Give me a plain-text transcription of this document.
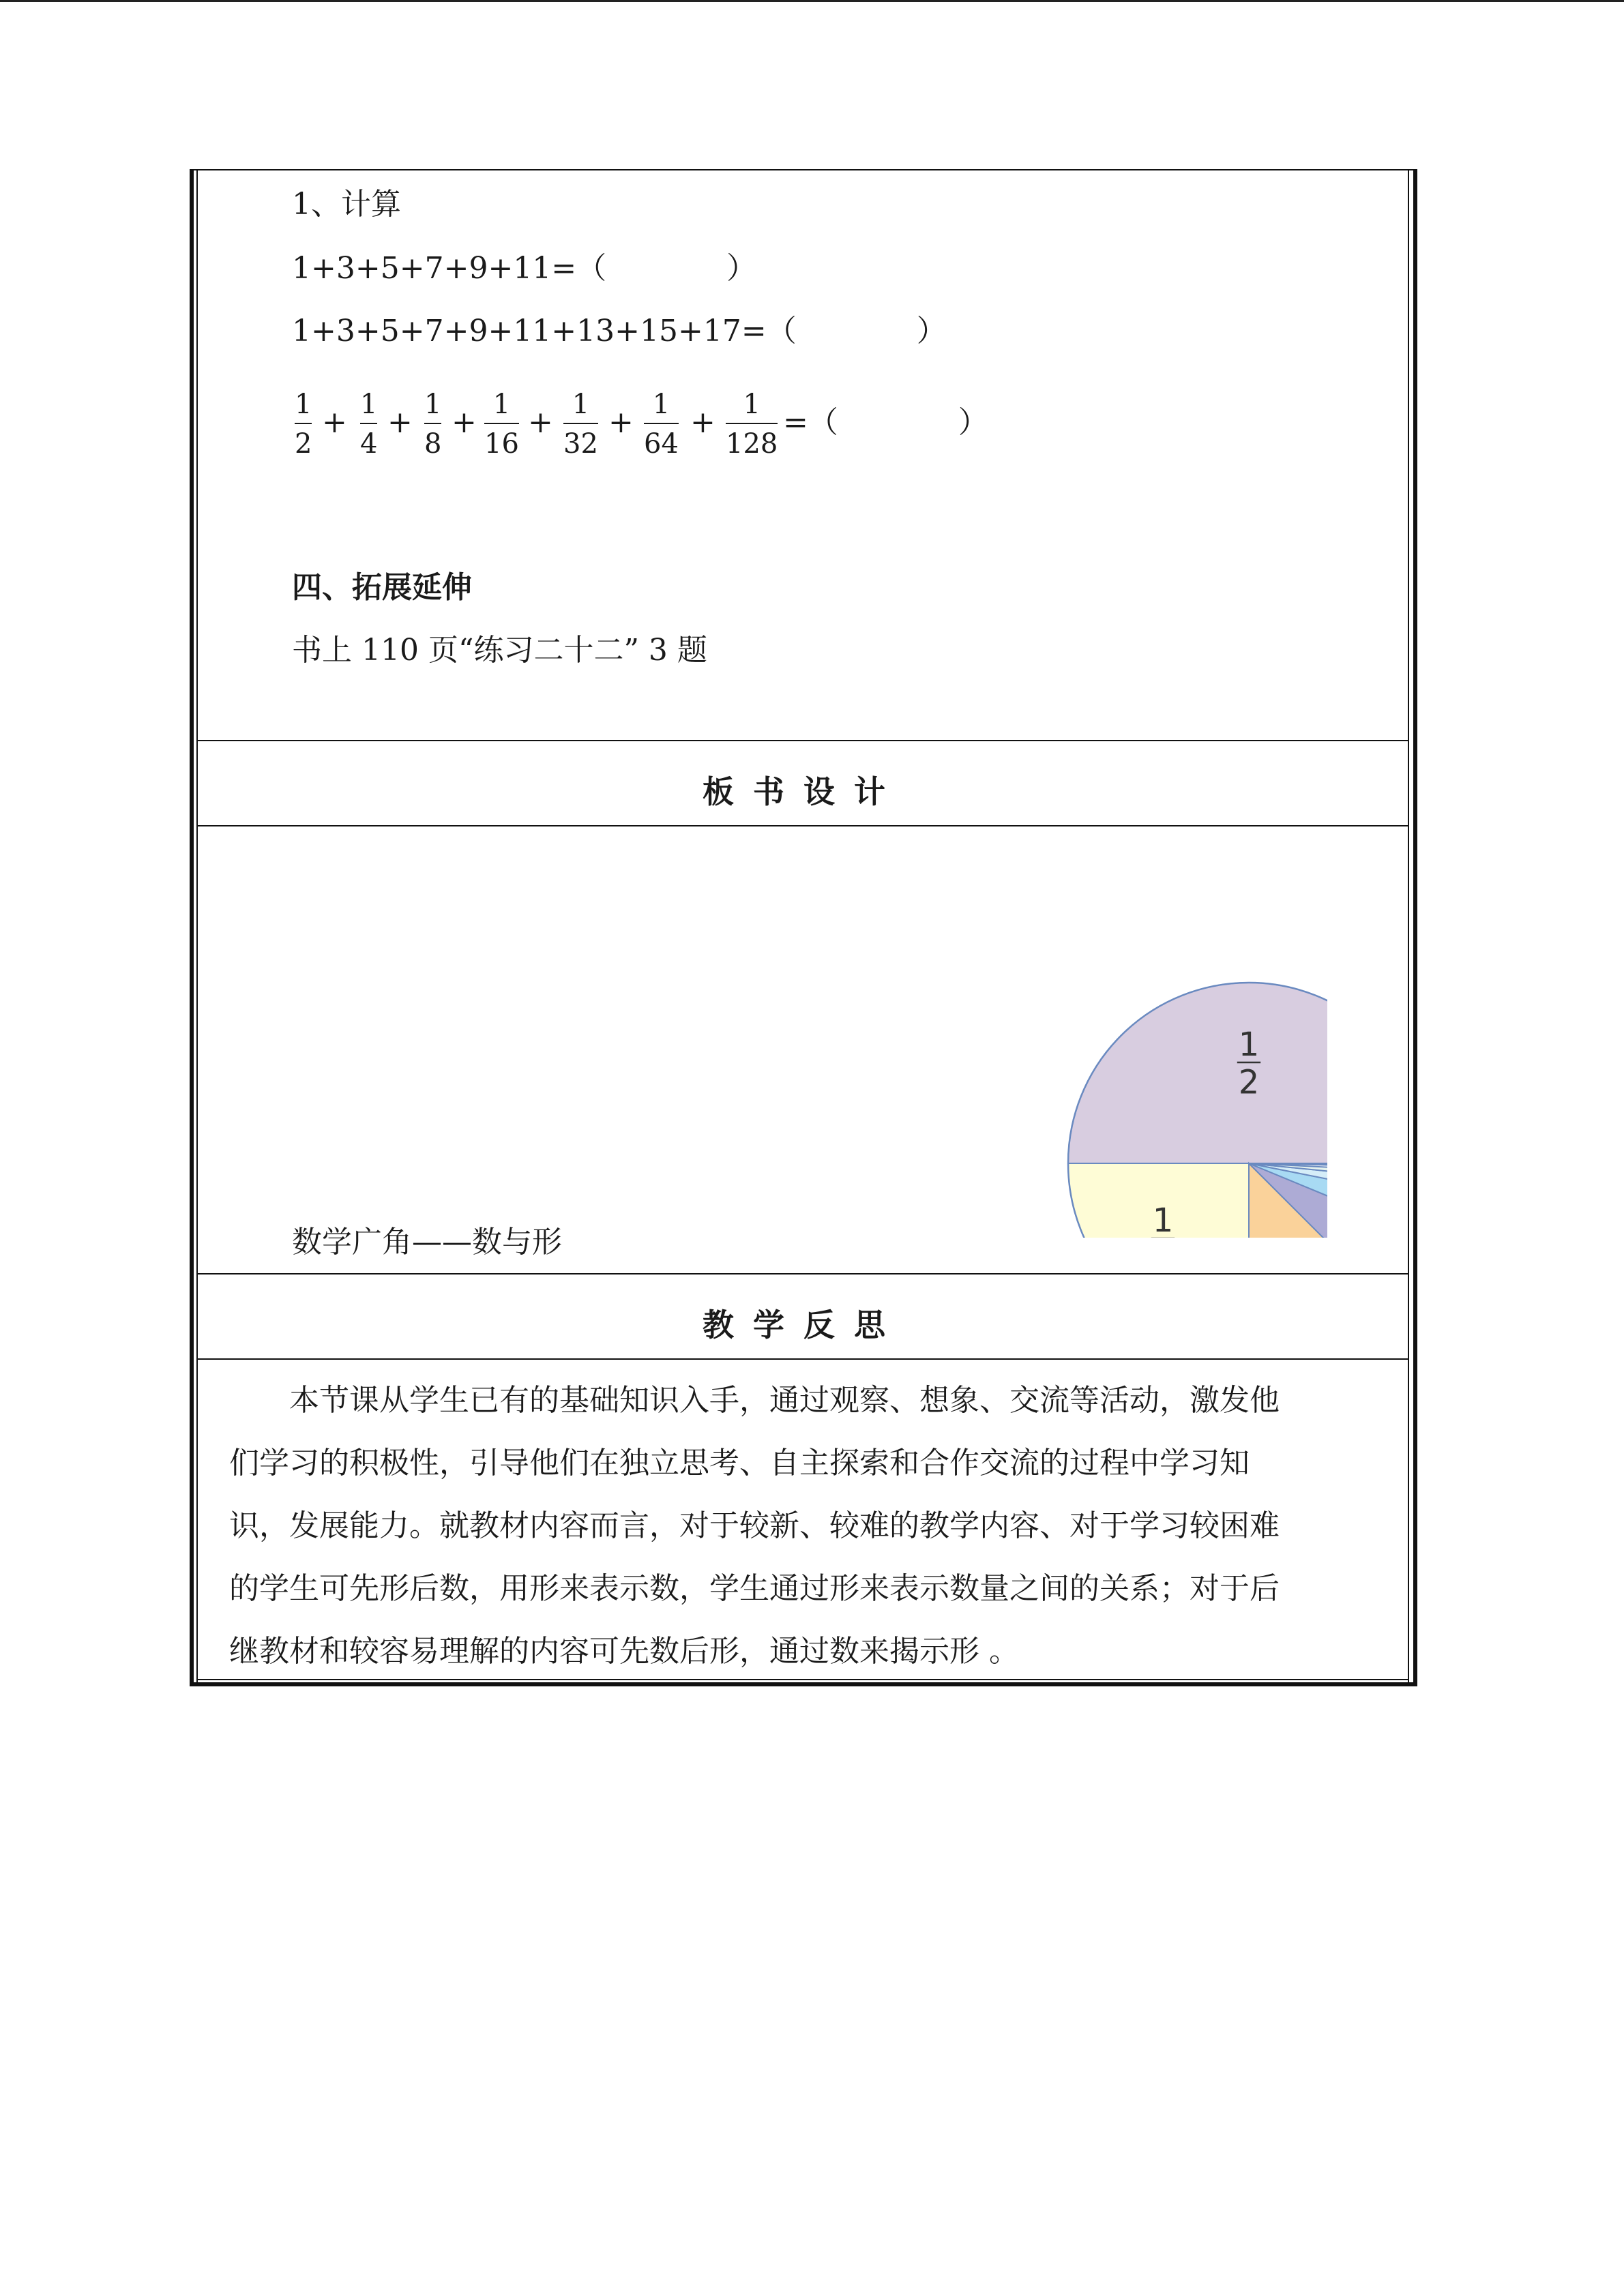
1、计算
1+3+5+7+9+11=（　　　　）
1+3+5+7+9+11+13+15+17=（　　　　）
1
2
+
1
4
+
1
8
+
1
16
+
1
32
+
1
64
+
1
128
=（　　　　）
四、拓展延伸
书上 110 页“练习二十二” 3 题
板书设计
1
2
1
数学广角——数与形
教学反思
本节课从学生已有的基础知识入手，通过观察、想象、交流等活动，激发他
们学习的积极性，引导他们在独立思考、自主探索和合作交流的过程中学习知
识，发展能力。就教材内容而言，对于较新、较难的教学内容、对于学习较困难
的学生可先形后数，用形来表示数，学生通过形来表示数量之间的关系；对于后
继教材和较容易理解的内容可先数后形，通过数来揭示形 。
